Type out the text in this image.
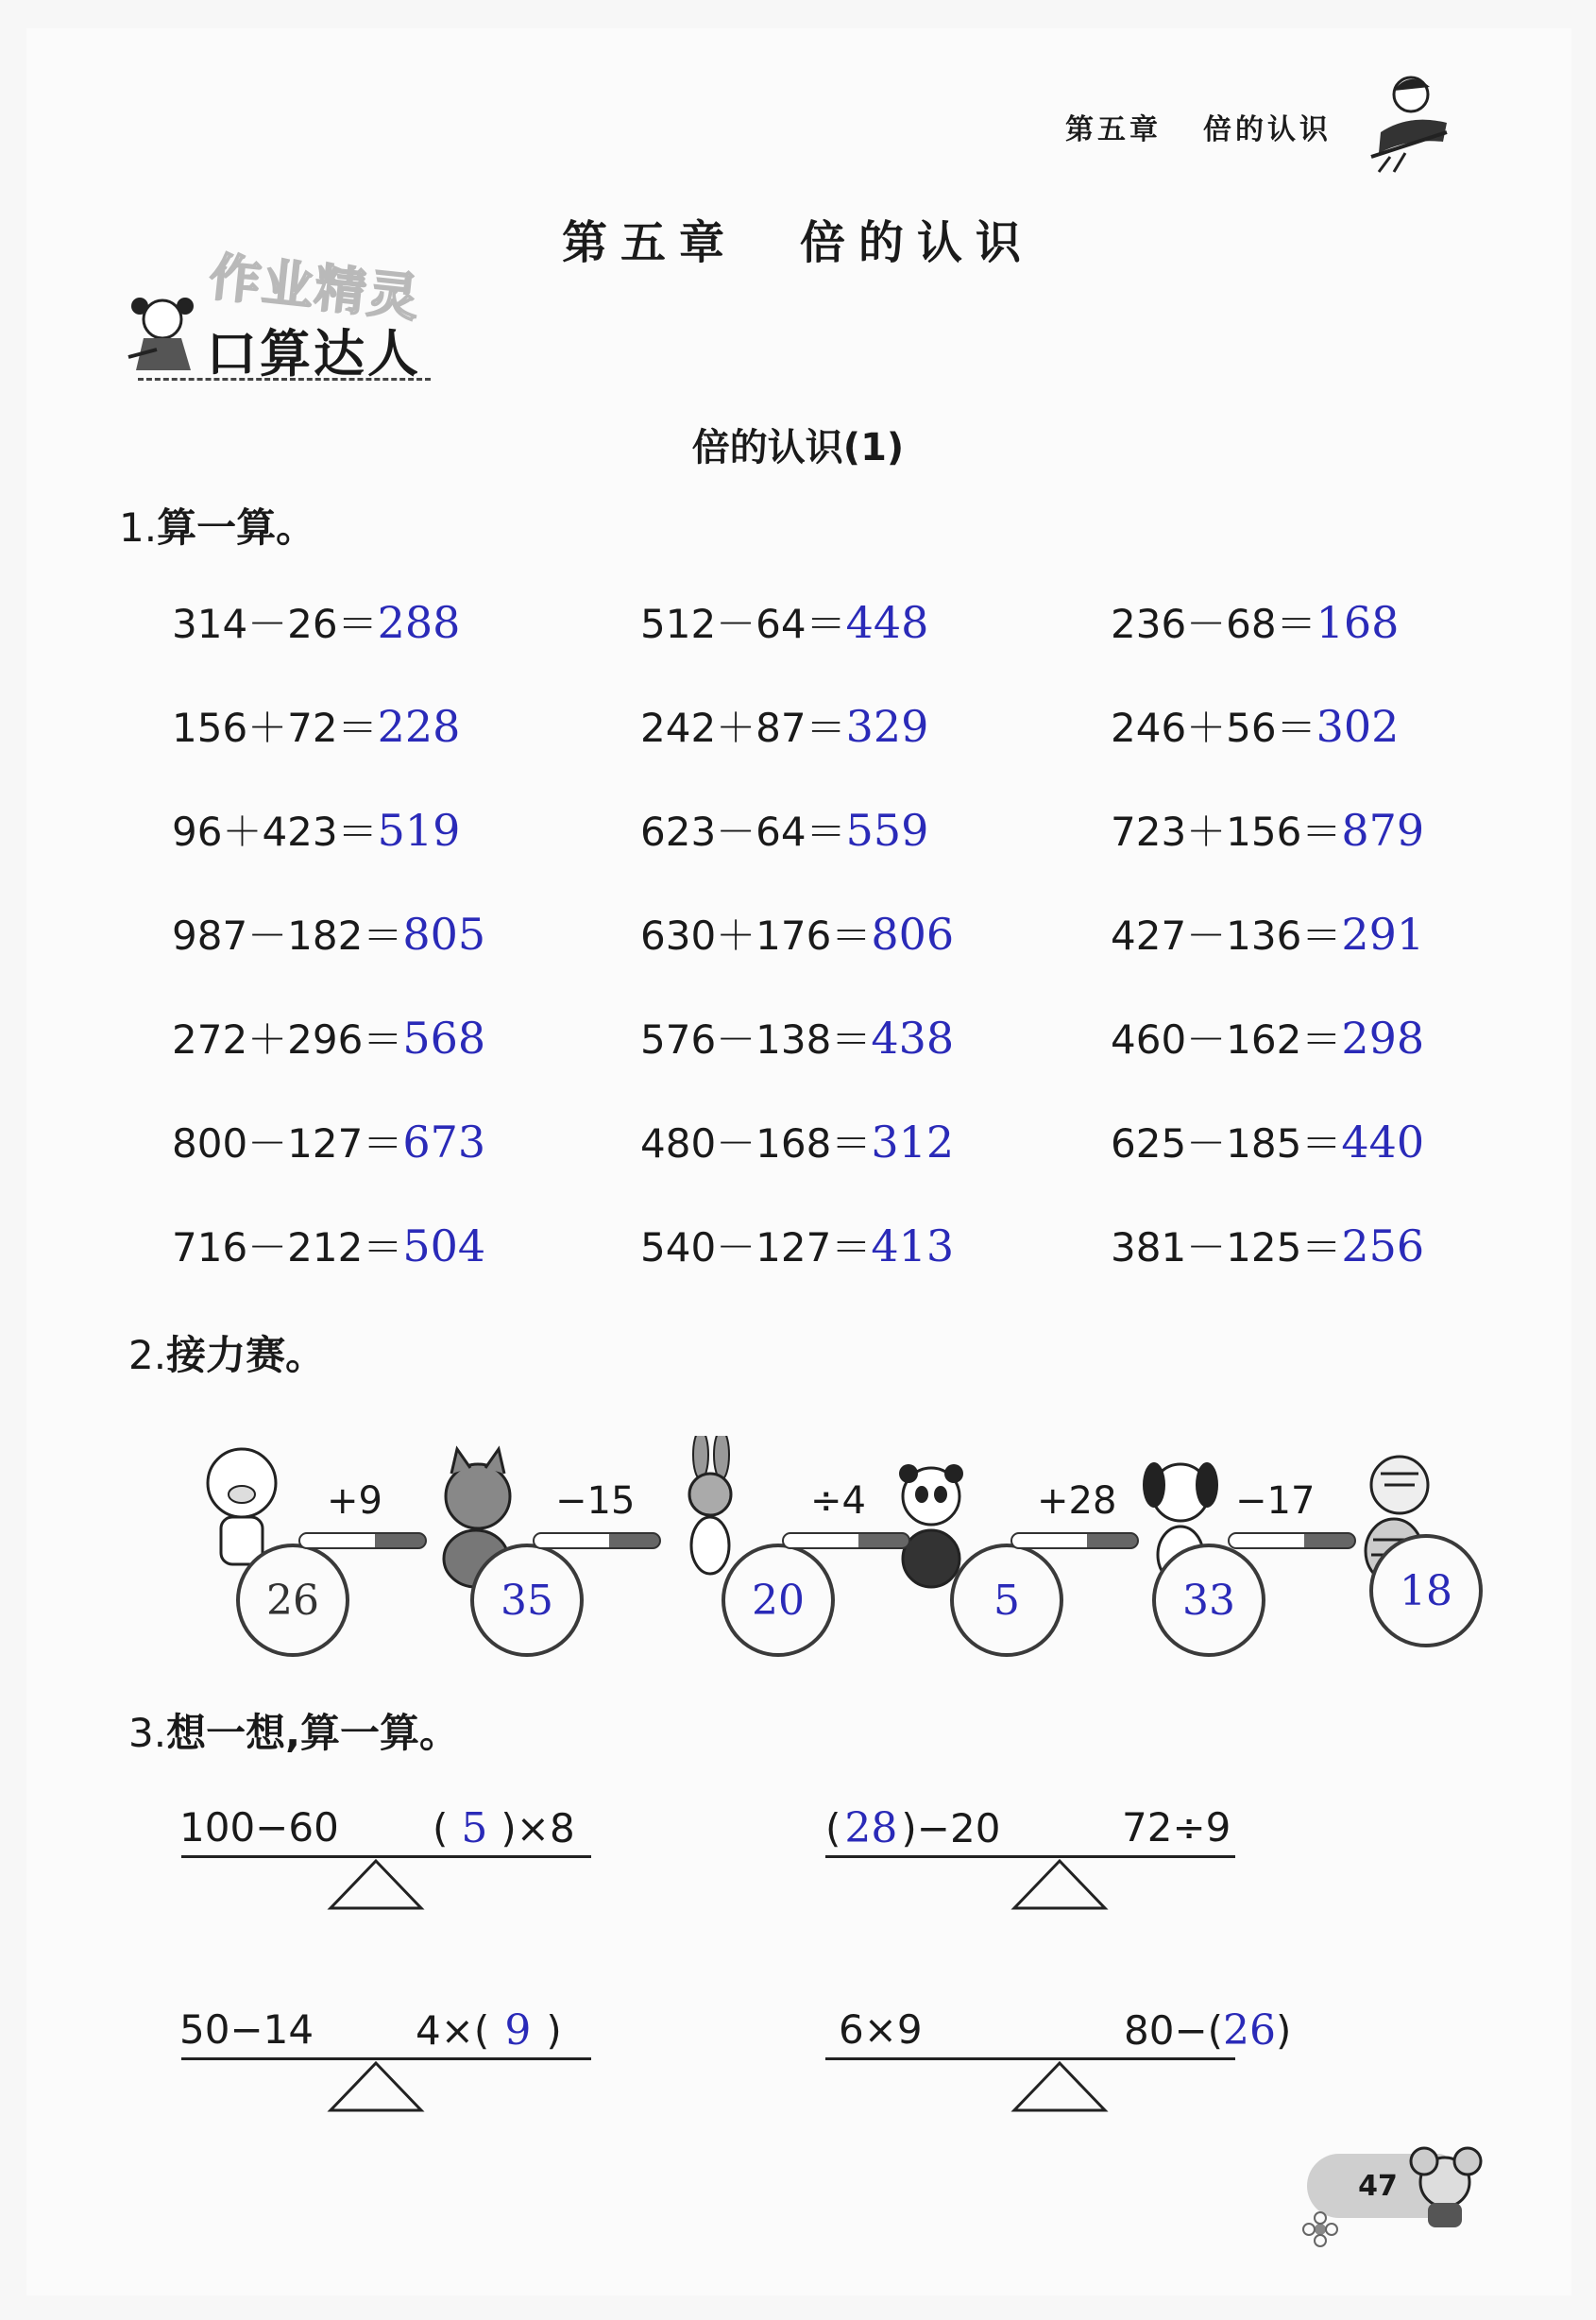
第五章 倍的认识
第五章 倍的认识
作业精灵
口算达人
倍的认识(1)
1.算一算。
314－26＝288	512－64＝448	236－68＝168
156＋72＝228	242＋87＝329	246＋56＝302
96＋423＝519	623－64＝559	723＋156＝879
987－182＝805	630＋176＝806	427－136＝291
272＋296＝568	576－138＝438	460－162＝298
800－127＝673	480－168＝312	625－185＝440
716－212＝504	540－127＝413	381－125＝256
2.接力赛。
26	35	20	5	33	18
+9	−15	÷4	+28	−17
3.想一想,算一算。
100−60 ( 5 )×8	(28)−20	72÷9
50−14	4×( 9 )	6×9	80−(26)
47
